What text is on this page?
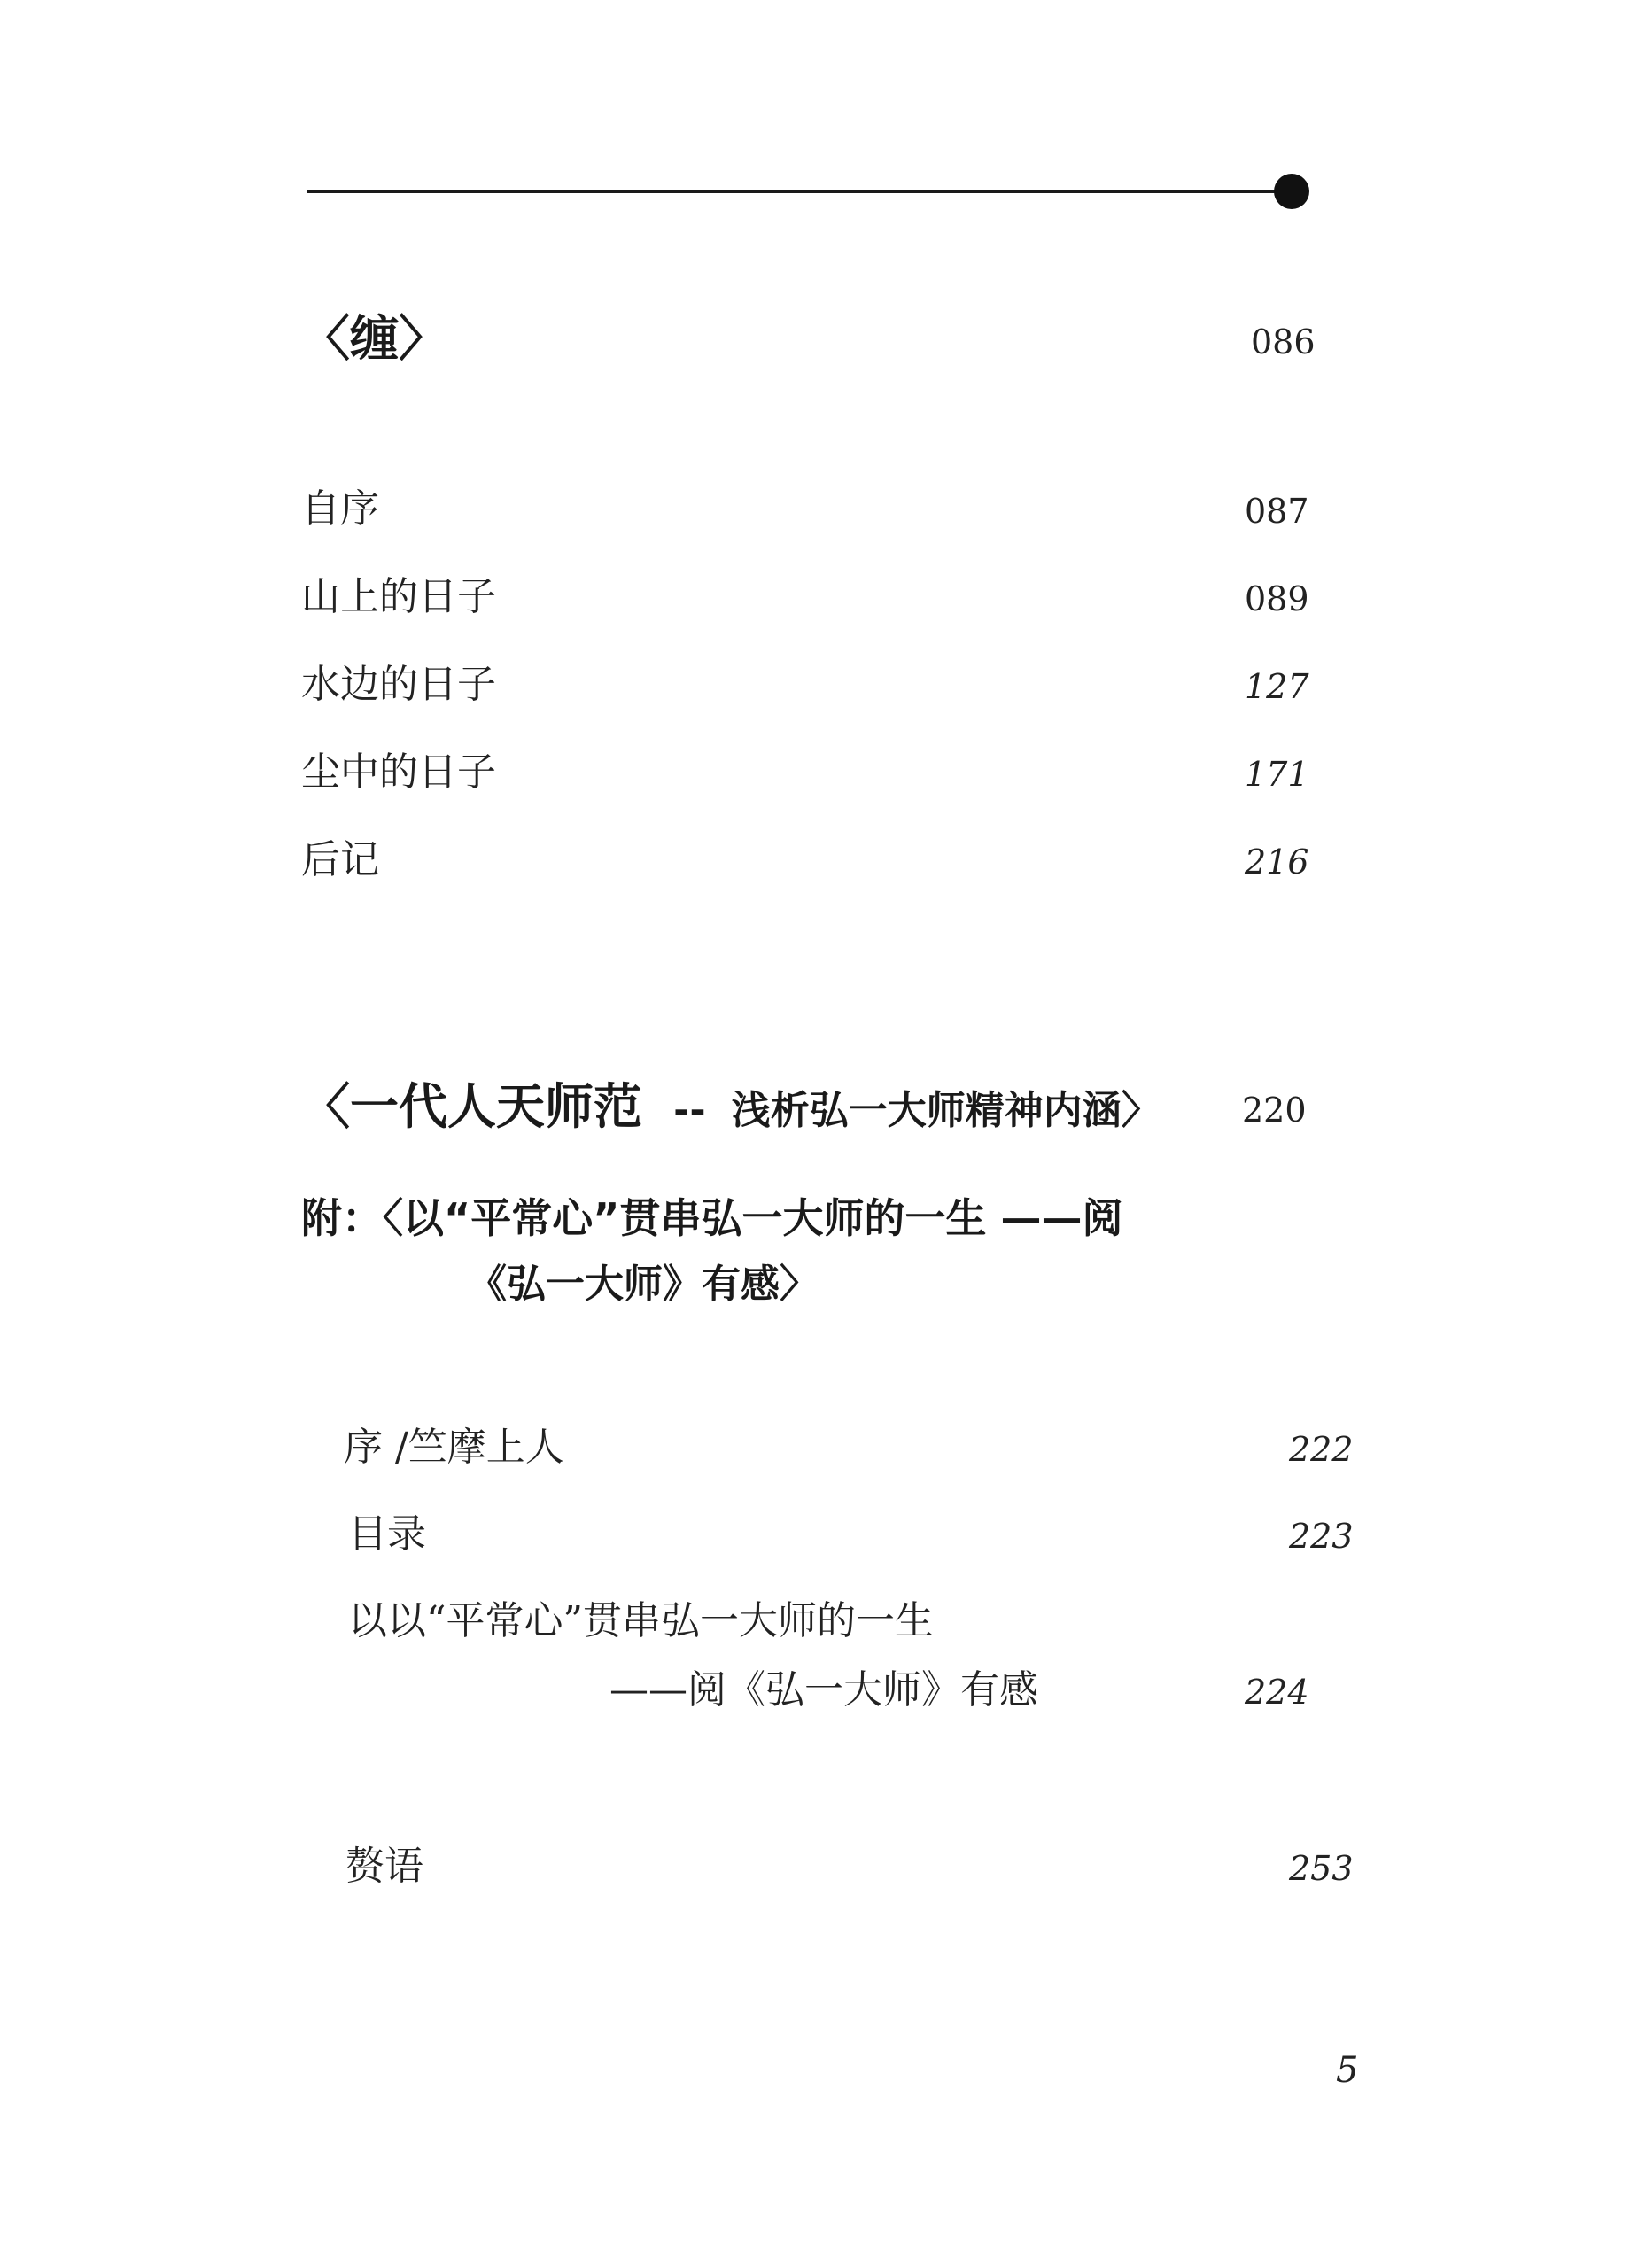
〈缠〉	086
自序	087
山上的日子	089
水边的日子	127
尘中的日子	171
后记	216
〈一代人天师范 -- 浅析弘一大师精神内涵〉 220
附：〈以“平常心”贯串弘一大师的一生 ——阅
《弘一大师》有感〉
序 /竺摩上人	222
目录	223
以以“平常心”贯串弘一大师的一生
——阅《弘一大师》有感	224
赘语	253
5
